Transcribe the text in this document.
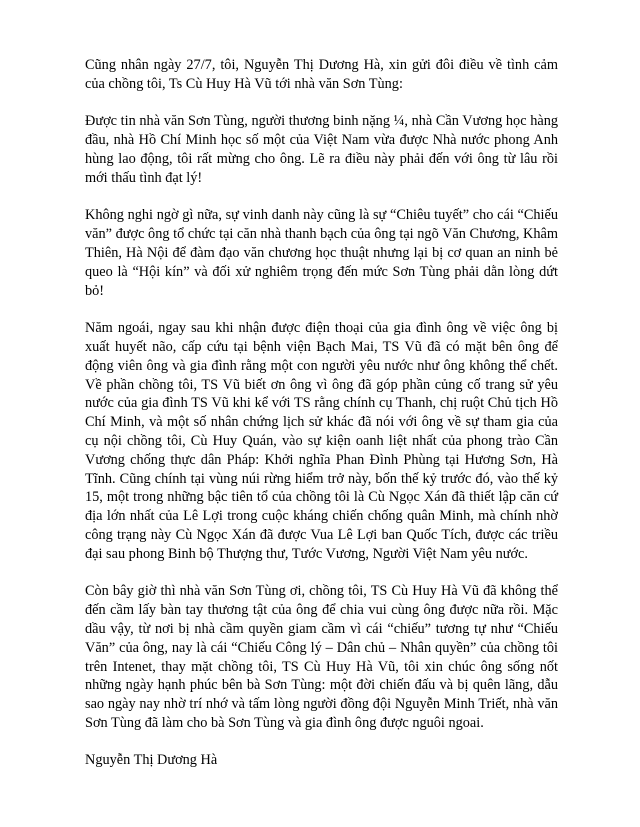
Cũng nhân ngày 27/7, tôi, Nguyễn Thị Dương Hà, xin gửi đôi điều về tình cảm của chồng tôi, Ts Cù Huy Hà Vũ tới nhà văn Sơn Tùng:

Được tin nhà văn Sơn Tùng, người thương binh nặng ¼, nhà Cần Vương học hàng đầu, nhà Hồ Chí Minh học số một của Việt Nam vừa được Nhà nước phong Anh hùng lao động, tôi rất mừng cho ông. Lẽ ra điều này phải đến với ông từ lâu rồi mới thấu tình đạt lý!

Không nghi ngờ gì nữa, sự vinh danh này cũng là sự “Chiêu tuyết” cho cái “Chiếu văn” được ông tổ chức tại căn nhà thanh bạch của ông tại ngõ Văn Chương, Khâm Thiên, Hà Nội để đàm đạo văn chương học thuật nhưng lại bị cơ quan an ninh bẻ queo là “Hội kín” và đối xử nghiêm trọng đến mức Sơn Tùng phải dằn lòng dứt bỏ!

Năm ngoái, ngay sau khi nhận được điện thoại của gia đình ông về việc ông bị xuất huyết não, cấp cứu tại bệnh viện Bạch Mai, TS Vũ đã có mặt bên ông để động viên ông và gia đình rằng một con người yêu nước như ông không thể chết. Về phần chồng tôi, TS Vũ biết ơn ông vì ông đã góp phần củng cố trang sử yêu nước của gia đình TS Vũ khi kể với TS rằng chính cụ Thanh, chị ruột Chủ tịch Hồ Chí Minh, và một số nhân chứng lịch sử khác đã nói với ông về sự tham gia của cụ nội chồng tôi, Cù Huy Quán, vào sự kiện oanh liệt nhất của phong trào Cần Vương chống thực dân Pháp: Khởi nghĩa Phan Đình Phùng tại Hương Sơn, Hà Tĩnh. Cũng chính tại vùng núi rừng hiểm trở này, bốn thế kỷ trước đó, vào thế kỷ 15, một trong những bậc tiên tổ của chồng tôi là Cù Ngọc Xán đã thiết lập căn cứ địa lớn nhất của Lê Lợi trong cuộc kháng chiến chống quân Minh, mà chính nhờ công trạng này Cù Ngọc Xán đã được Vua Lê Lợi ban Quốc Tích, được các triều đại sau phong Binh bộ Thượng thư, Tước Vương, Người Việt Nam yêu nước.

Còn bây giờ thì nhà văn Sơn Tùng ơi, chồng tôi, TS Cù Huy Hà Vũ đã không thể đến cầm lấy bàn tay thương tật của ông để chia vui cùng ông được nữa rồi. Mặc dầu vậy, từ nơi bị nhà cầm quyền giam cầm vì cái “chiếu” tương tự như “Chiếu Văn” của ông, nay là cái “Chiếu Công lý – Dân chủ – Nhân quyền” của chồng tôi trên Intenet, thay mặt chồng tôi, TS Cù Huy Hà Vũ, tôi xin chúc ông sống nốt những ngày hạnh phúc bên bà Sơn Tùng: một đời chiến đấu và bị quên lãng, dẫu sao ngày nay nhờ trí nhớ và tấm lòng người đồng đội Nguyễn Minh Triết, nhà văn Sơn Tùng đã làm cho bà Sơn Tùng và gia đình ông được nguôi ngoai.

Nguyễn Thị Dương Hà
